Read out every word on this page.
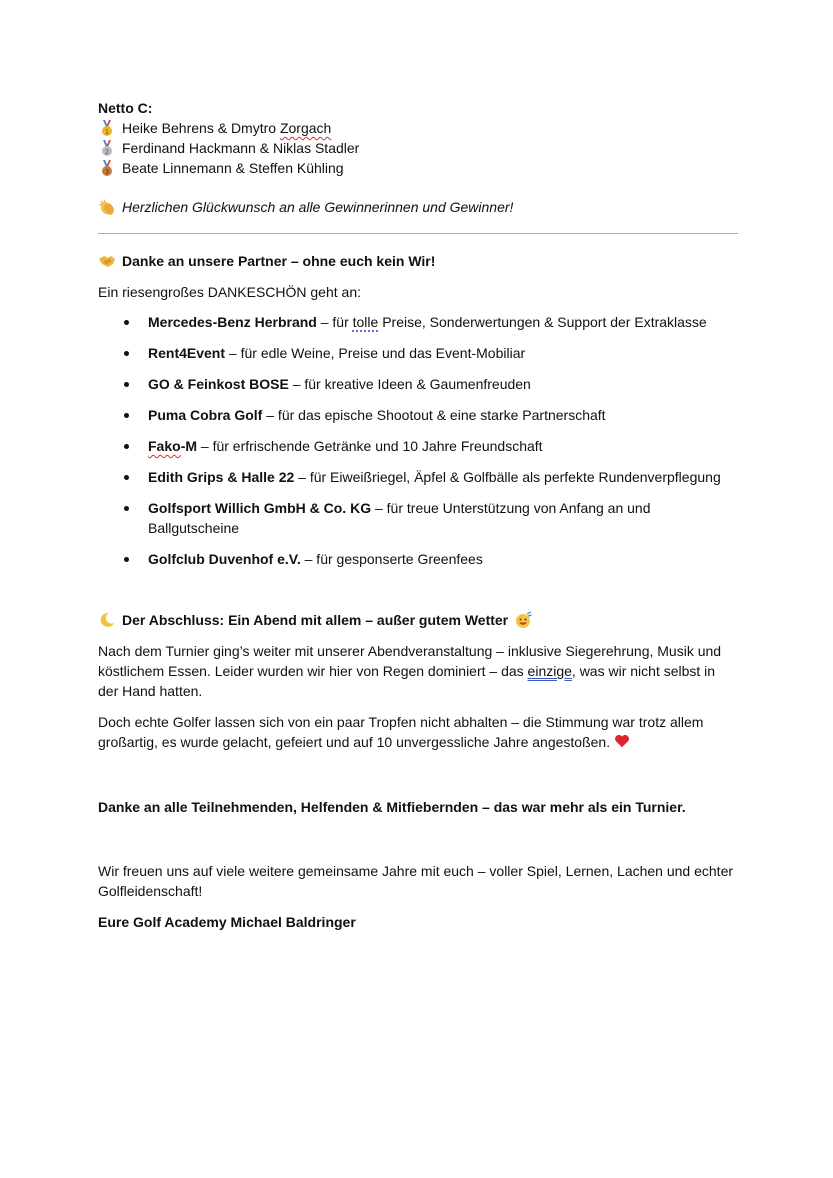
Netto C:
1 Heike Behrens & Dmytro Zorgach
2 Ferdinand Hackmann & Niklas Stadler
3 Beate Linnemann & Steffen Kühling
Herzlichen Glückwunsch an alle Gewinnerinnen und Gewinner!
Danke an unsere Partner – ohne euch kein Wir!

Ein riesengroßes DANKESCHÖN geht an:

Mercedes-Benz Herbrand – für tolle Preise, Sonderwertungen & Support der Extraklasse
Rent4Event – für edle Weine, Preise und das Event-Mobiliar
GO & Feinkost BOSE – für kreative Ideen & Gaumenfreuden
Puma Cobra Golf – für das epische Shootout & eine starke Partnerschaft
Fako-M – für erfrischende Getränke und 10 Jahre Freundschaft
Edith Grips & Halle 22 – für Eiweißriegel, Äpfel & Golfbälle als perfekte Rundenverpflegung
Golfsport Willich GmbH & Co. KG – für treue Unterstützung von Anfang an und Ballgutscheine
Golfclub Duvenhof e.V. – für gesponserte Greenfees
Der Abschluss: Ein Abend mit allem – außer gutem Wetter

Nach dem Turnier ging’s weiter mit unserer Abendveranstaltung – inklusive Siegerehrung, Musik und köstlichem Essen. Leider wurden wir hier von Regen dominiert – das einzige, was wir nicht selbst in der Hand hatten.

Doch echte Golfer lassen sich von ein paar Tropfen nicht abhalten – die Stimmung war trotz allem großartig, es wurde gelacht, gefeiert und auf 10 unvergessliche Jahre angestoßen.

Danke an alle Teilnehmenden, Helfenden & Mitfiebernden – das war mehr als ein Turnier.

Wir freuen uns auf viele weitere gemeinsame Jahre mit euch – voller Spiel, Lernen, Lachen und echter Golfleidenschaft!

Eure Golf Academy Michael Baldringer
